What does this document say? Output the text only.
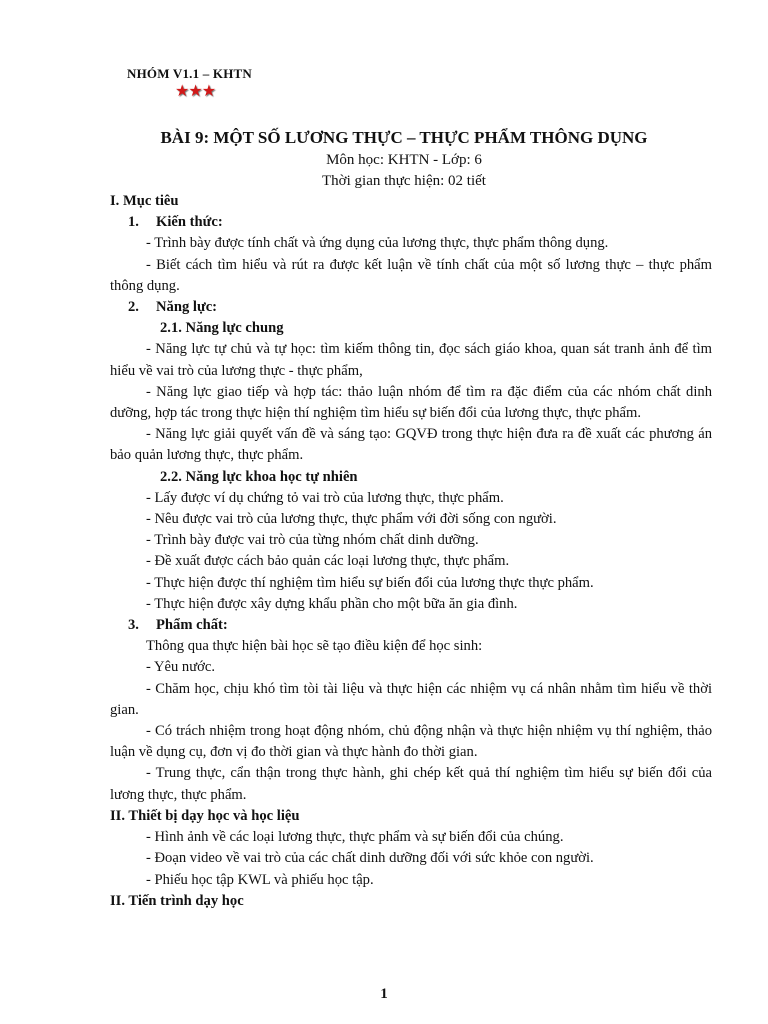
NHÓM V1.1 – KHTN
★★★
BÀI 9: MỘT SỐ LƯƠNG THỰC – THỰC PHẨM THÔNG DỤNG
Môn học: KHTN - Lớp: 6
Thời gian thực hiện: 02 tiết

I. Mục tiêu

1. Kiến thức:

- Trình bày được tính chất và ứng dụng của lương thực, thực phẩm thông dụng.

- Biết cách tìm hiểu và rút ra được kết luận về tính chất của một số lương thực – thực phẩm thông dụng.

2. Năng lực:

2.1. Năng lực chung

- Năng lực tự chủ và tự học: tìm kiếm thông tin, đọc sách giáo khoa, quan sát tranh ảnh để tìm hiểu về vai trò của lương thực - thực phẩm,

- Năng lực giao tiếp và hợp tác: thảo luận nhóm để tìm ra đặc điểm của các nhóm chất dinh dưỡng, hợp tác trong thực hiện thí nghiệm tìm hiểu sự biến đổi của lương thực, thực phẩm.

- Năng lực giải quyết vấn đề và sáng tạo: GQVĐ trong thực hiện đưa ra đề xuất các phương án bảo quản lương thực, thực phẩm.

2.2. Năng lực khoa học tự nhiên

- Lấy được ví dụ chứng tỏ vai trò của lương thực, thực phẩm.

- Nêu được vai trò của lương thực, thực phẩm với đời sống con người.

- Trình bày được vai trò của từng nhóm chất dinh dưỡng.

- Đề xuất được cách bảo quản các loại lương thực, thực phẩm.

- Thực hiện được thí nghiệm tìm hiểu sự biến đổi của lương thực thực phẩm.

- Thực hiện được xây dựng khẩu phần cho một bữa ăn gia đình.

3. Phẩm chất:

Thông qua thực hiện bài học sẽ tạo điều kiện để học sinh:

- Yêu nước.

- Chăm học, chịu khó tìm tòi tài liệu và thực hiện các nhiệm vụ cá nhân nhằm tìm hiểu về thời gian.

- Có trách nhiệm trong hoạt động nhóm, chủ động nhận và thực hiện nhiệm vụ thí nghiệm, thảo luận về dụng cụ, đơn vị đo thời gian và thực hành đo thời gian.

- Trung thực, cẩn thận trong thực hành, ghi chép kết quả thí nghiệm tìm hiểu sự biến đổi của lương thực, thực phẩm.

II. Thiết bị dạy học và học liệu

- Hình ảnh về các loại lương thực, thực phẩm và sự biến đổi của chúng.

- Đoạn video về vai trò của các chất dinh dưỡng đối với sức khỏe con người.

- Phiếu học tập KWL và phiếu học tập.

II. Tiến trình dạy học

1
